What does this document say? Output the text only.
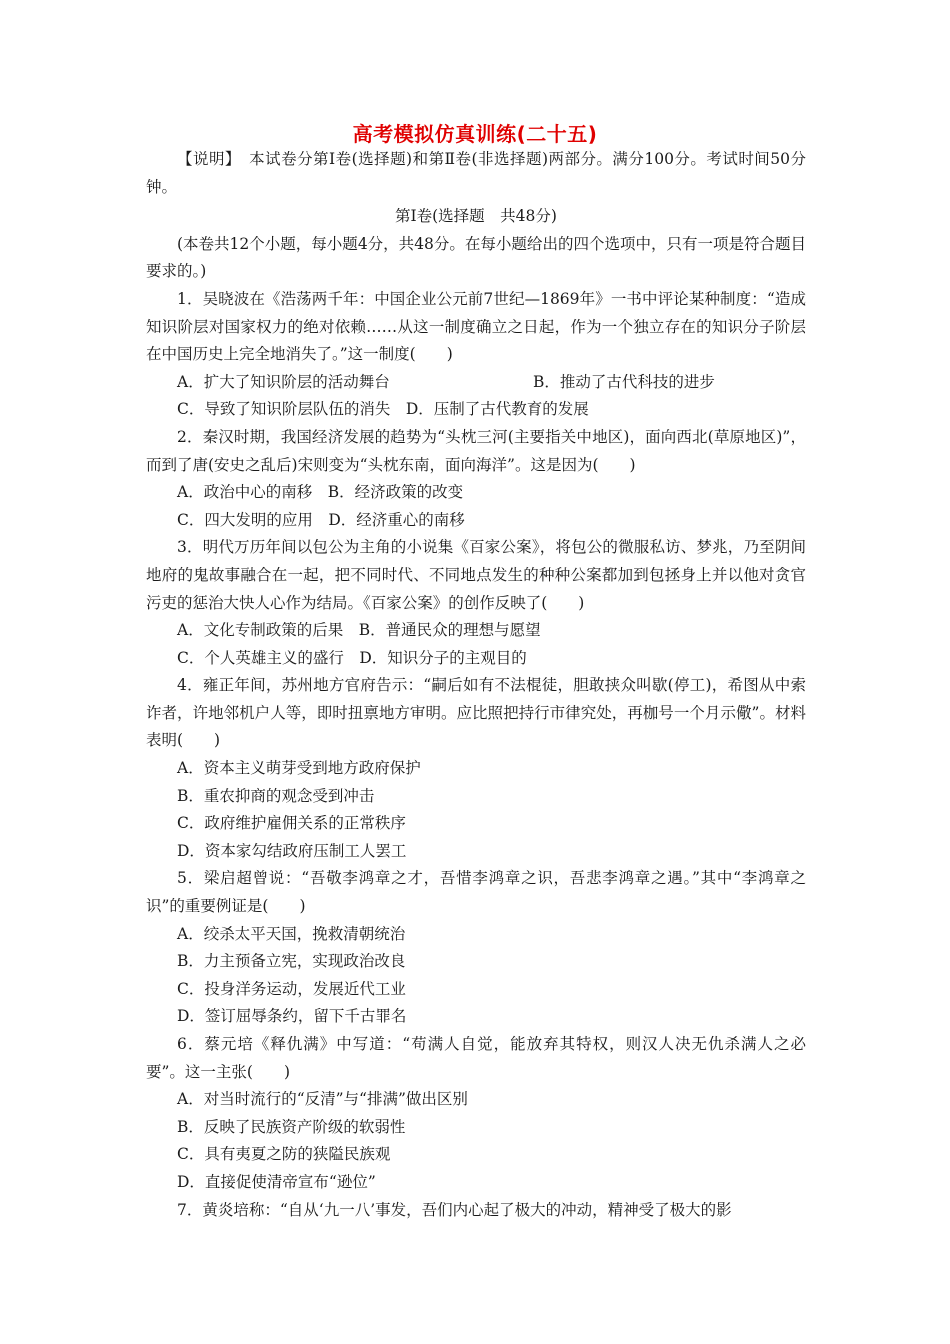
高考模拟仿真训练(二十五)

【说明】　本试卷分第Ⅰ卷(选择题)和第Ⅱ卷(非选择题)两部分。满分100分。考试时间50分钟。

第Ⅰ卷(选择题　共48分)

(本卷共12个小题，每小题4分，共48分。在每小题给出的四个选项中，只有一项是符合题目要求的。)

1．吴晓波在《浩荡两千年：中国企业公元前7世纪—1869年》一书中评论某种制度：“造成知识阶层对国家权力的绝对依赖……从这一制度确立之日起，作为一个独立存在的知识分子阶层在中国历史上完全地消失了。”这一制度(　　)

A．扩大了知识阶层的活动舞台	B．推动了古代科技的进步

C．导致了知识阶层队伍的消失　D．压制了古代教育的发展

2．秦汉时期，我国经济发展的趋势为“头枕三河(主要指关中地区)，面向西北(草原地区)”，而到了唐(安史之乱后)宋则变为“头枕东南，面向海洋”。这是因为(　　)

A．政治中心的南移　B．经济政策的改变

C．四大发明的应用　D．经济重心的南移

3．明代万历年间以包公为主角的小说集《百家公案》，将包公的微服私访、梦兆，乃至阴间地府的鬼故事融合在一起，把不同时代、不同地点发生的种种公案都加到包拯身上并以他对贪官污吏的惩治大快人心作为结局。《百家公案》的创作反映了(　　)

A．文化专制政策的后果　B．普通民众的理想与愿望

C．个人英雄主义的盛行　D．知识分子的主观目的

4．雍正年间，苏州地方官府告示：“嗣后如有不法棍徒，胆敢挟众叫歇(停工)，希图从中索诈者，许地邻机户人等，即时扭禀地方审明。应比照把持行市律究处，再枷号一个月示儆”。材料表明(　　)

A．资本主义萌芽受到地方政府保护

B．重农抑商的观念受到冲击

C．政府维护雇佣关系的正常秩序

D．资本家勾结政府压制工人罢工

5．梁启超曾说：“吾敬李鸿章之才，吾惜李鸿章之识，吾悲李鸿章之遇。”其中“李鸿章之识”的重要例证是(　　)

A．绞杀太平天国，挽救清朝统治

B．力主预备立宪，实现政治改良

C．投身洋务运动，发展近代工业

D．签订屈辱条约，留下千古罪名

6．蔡元培《释仇满》中写道：“苟满人自觉，能放弃其特权，则汉人决无仇杀满人之必要”。这一主张(　　)

A．对当时流行的“反清”与“排满”做出区别

B．反映了民族资产阶级的软弱性

C．具有夷夏之防的狭隘民族观

D．直接促使清帝宣布“逊位”

7．黄炎培称：“自从‘九一八’事发，吾们内心起了极大的冲动，精神受了极大的影
